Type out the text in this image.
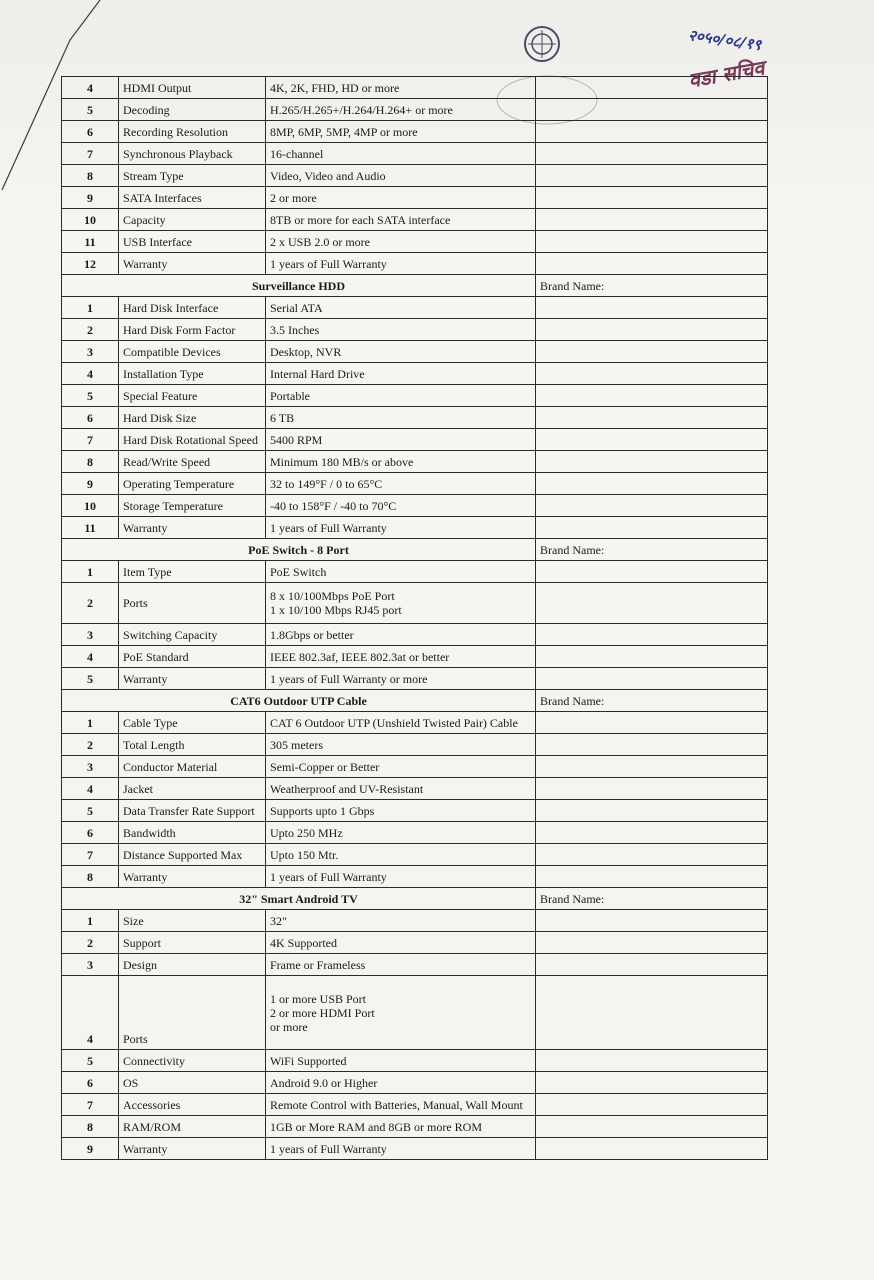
२०५०/०८/१९
वडा सचिव
4	HDMI Output	4K, 2K, FHD, HD or more	

5	Decoding	H.265/H.265+/H.264/H.264+ or more	

6	Recording Resolution	8MP, 6MP, 5MP, 4MP or more	

7	Synchronous Playback	16-channel	

8	Stream Type	Video, Video and Audio	

9	SATA Interfaces	2 or more	

10	Capacity	8TB or more for each SATA interface	

11	USB Interface	2 x USB 2.0 or more	

12	Warranty	1 years of Full Warranty	

Surveillance HDD			Brand Name:
1	Hard Disk Interface	Serial ATA	

2	Hard Disk Form Factor	3.5 Inches	

3	Compatible Devices	Desktop, NVR	

4	Installation Type	Internal Hard Drive	

5	Special Feature	Portable	

6	Hard Disk Size	6 TB	

7	Hard Disk Rotational Speed	5400 RPM	

8	Read/Write Speed	Minimum 180 MB/s or above	

9	Operating Temperature	32 to 149°F / 0 to 65°C	

10	Storage Temperature	-40 to 158°F / -40 to 70°C	

11	Warranty	1 years of Full Warranty	

PoE Switch - 8 Port			Brand Name:
1	Item Type	PoE Switch	

2	Ports	8 x 10/100Mbps PoE Port
1 x 10/100 Mbps RJ45 port	

3	Switching Capacity	1.8Gbps or better	

4	PoE Standard	IEEE 802.3af, IEEE 802.3at or better	

5	Warranty	1 years of Full Warranty or more	

CAT6 Outdoor UTP Cable			Brand Name:
1	Cable Type	CAT 6 Outdoor UTP (Unshield Twisted Pair) Cable	

2	Total Length	305 meters	

3	Conductor Material	Semi-Copper or Better	

4	Jacket	Weatherproof and UV-Resistant	

5	Data Transfer Rate Support	Supports upto 1 Gbps	

6	Bandwidth	Upto 250 MHz	

7	Distance Supported Max	Upto 150 Mtr.	

8	Warranty	1 years of Full Warranty	

32" Smart Android TV			Brand Name:
1	Size	32"	

2	Support	4K Supported	

3	Design	Frame or Frameless	

4	Ports	1 or more USB Port
2 or more HDMI Port
or more	

5	Connectivity	WiFi Supported	

6	OS	Android 9.0 or Higher	

7	Accessories	Remote Control with Batteries, Manual, Wall Mount	

8	RAM/ROM	1GB or More RAM and 8GB or more ROM	

9	Warranty	1 years of Full Warranty	
